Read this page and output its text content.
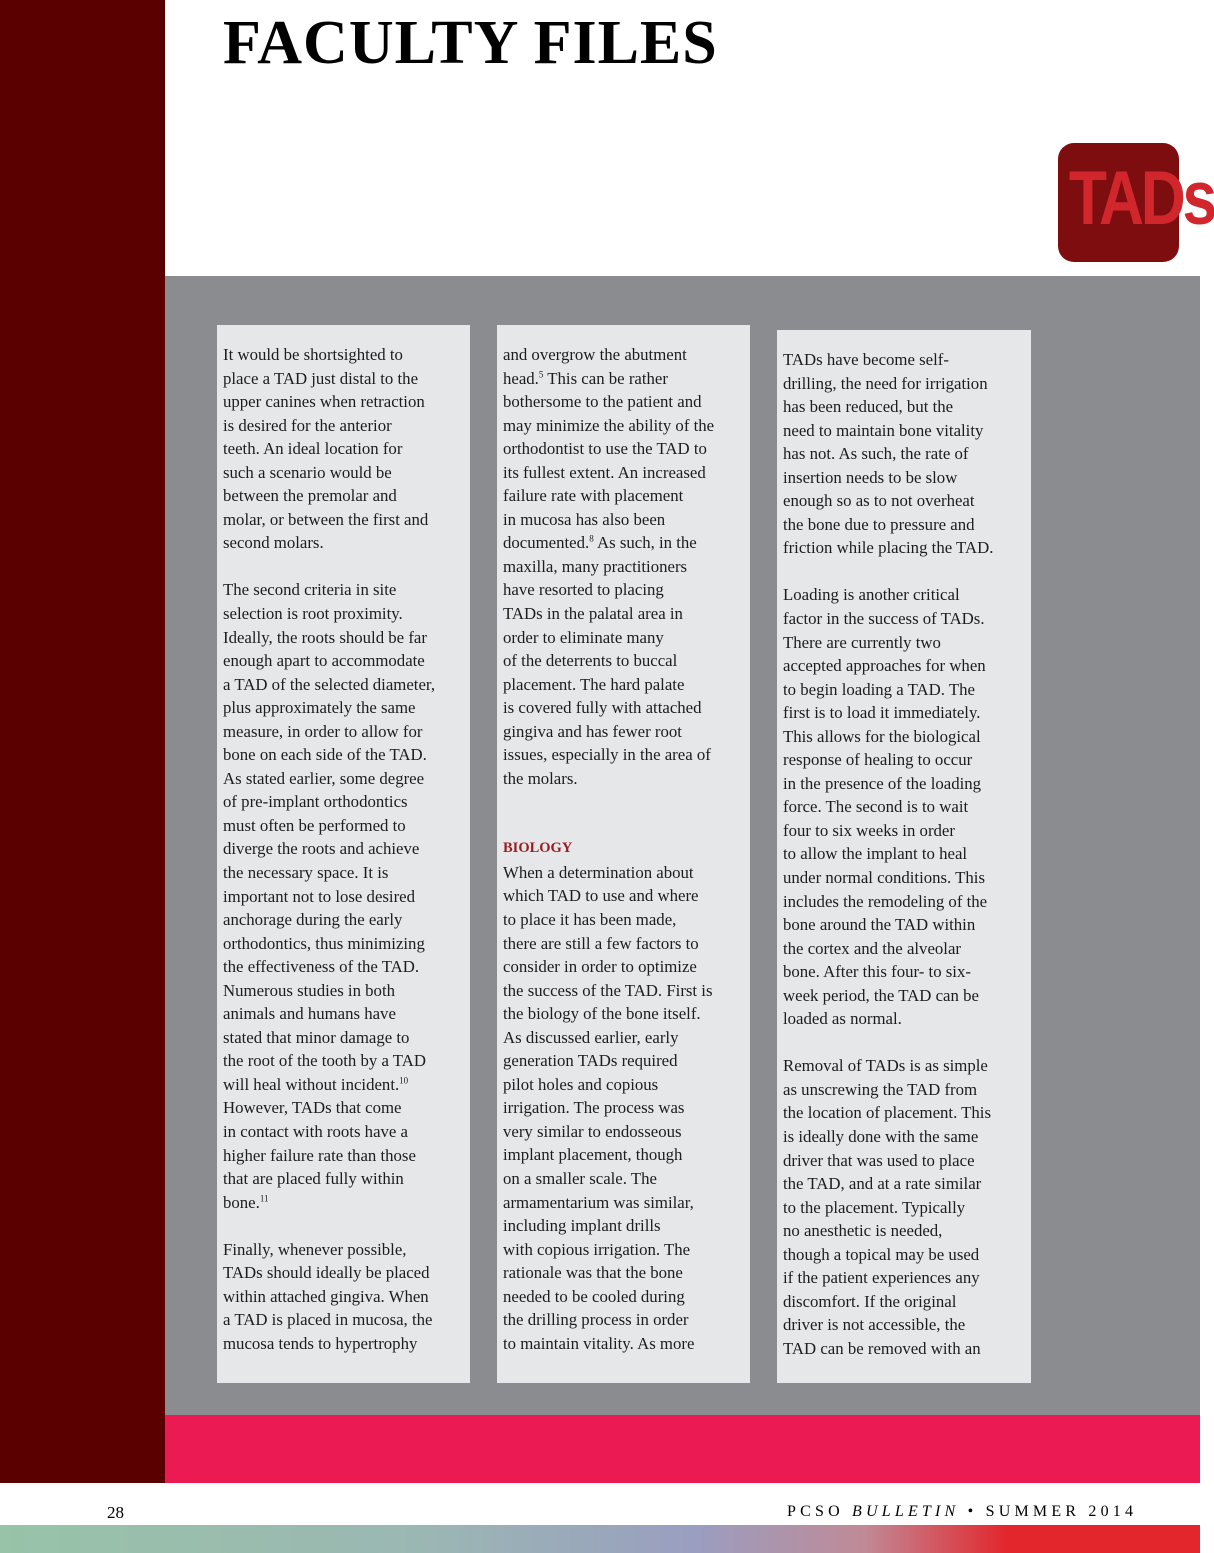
FACULTY FILES
TADs

It would be shortsighted to
place a TAD just distal to the
upper canines when retraction
is desired for the anterior
teeth. An ideal location for
such a scenario would be
between the premolar and
molar, or between the first and
second molars.

The second criteria in site
selection is root proximity.
Ideally, the roots should be far
enough apart to accommodate
a TAD of the selected diameter,
plus approximately the same
measure, in order to allow for
bone on each side of the TAD.
As stated earlier, some degree
of pre-implant orthodontics
must often be performed to
diverge the roots and achieve
the necessary space. It is
important not to lose desired
anchorage during the early
orthodontics, thus minimizing
the effectiveness of the TAD.
Numerous studies in both
animals and humans have
stated that minor damage to
the root of the tooth by a TAD
will heal without incident.$^{10}$
However, TADs that come
in contact with roots have a
higher failure rate than those
that are placed fully within
bone.$^{11}$

Finally, whenever possible,
TADs should ideally be placed
within attached gingiva. When
a TAD is placed in mucosa, the
mucosa tends to hypertrophy

and overgrow the abutment
head.$^5$ This can be rather
bothersome to the patient and
may minimize the ability of the
orthodontist to use the TAD to
its fullest extent. An increased
failure rate with placement
in mucosa has also been
documented.$^8$ As such, in the
maxilla, many practitioners
have resorted to placing
TADs in the palatal area in
order to eliminate many
of the deterrents to buccal
placement. The hard palate
is covered fully with attached
gingiva and has fewer root
issues, especially in the area of
the molars.

BIOLOGY

When a determination about
which TAD to use and where
to place it has been made,
there are still a few factors to
consider in order to optimize
the success of the TAD. First is
the biology of the bone itself.
As discussed earlier, early
generation TADs required
pilot holes and copious
irrigation. The process was
very similar to endosseous
implant placement, though
on a smaller scale. The
armamentarium was similar,
including implant drills
with copious irrigation. The
rationale was that the bone
needed to be cooled during
the drilling process in order
to maintain vitality. As more

TADs have become self-
drilling, the need for irrigation
has been reduced, but the
need to maintain bone vitality
has not. As such, the rate of
insertion needs to be slow
enough so as to not overheat
the bone due to pressure and
friction while placing the TAD.

Loading is another critical
factor in the success of TADs.
There are currently two
accepted approaches for when
to begin loading a TAD. The
first is to load it immediately.
This allows for the biological
response of healing to occur
in the presence of the loading
force. The second is to wait
four to six weeks in order
to allow the implant to heal
under normal conditions. This
includes the remodeling of the
bone around the TAD within
the cortex and the alveolar
bone. After this four- to six-
week period, the TAD can be
loaded as normal.

Removal of TADs is as simple
as unscrewing the TAD from
the location of placement. This
is ideally done with the same
driver that was used to place
the TAD, and at a rate similar
to the placement. Typically
no anesthetic is needed,
though a topical may be used
if the patient experiences any
discomfort. If the original
driver is not accessible, the
TAD can be removed with an

28	PCSO BULLETIN • SUMMER 2014
